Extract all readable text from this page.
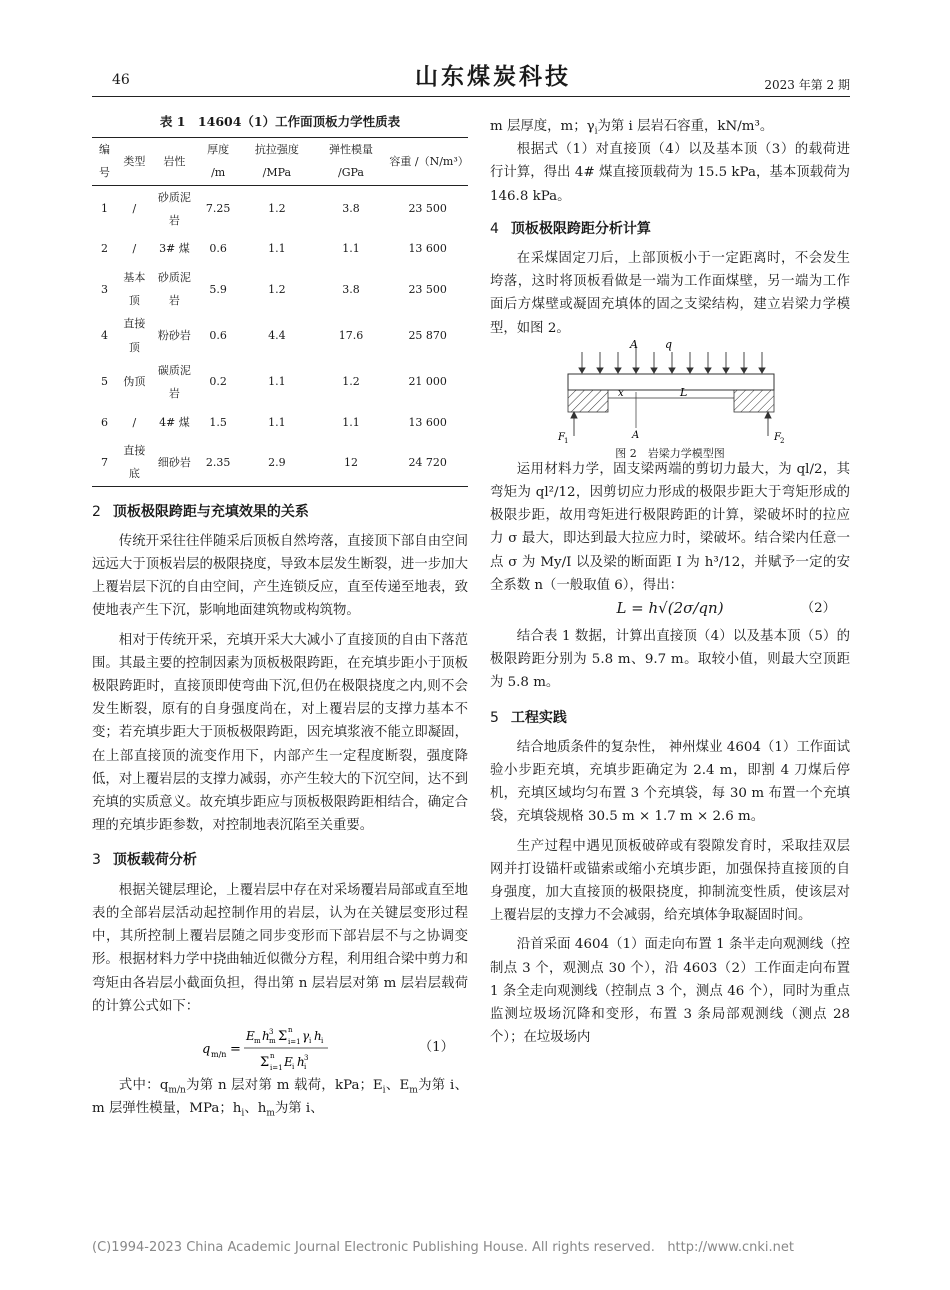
46	山东煤炭科技	2023 年第 2 期

表 1　14604（1）工作面顶板力学性质表

编号	类型	岩性	厚度 /m	抗拉强度 /MPa	弹性模量 /GPa	容重 /（N/m³）
1	/	砂质泥岩	7.25	1.2	3.8	23 500
2	/	3# 煤	0.6	1.1	1.1	13 600
3	基本顶	砂质泥岩	5.9	1.2	3.8	23 500
4	直接顶	粉砂岩	0.6	4.4	17.6	25 870
5	伪顶	碳质泥岩	0.2	1.1	1.2	21 000
6	/	4# 煤	1.5	1.1	1.1	13 600
7	直接底	细砂岩	2.35	2.9	12	24 720

2 顶板极限跨距与充填效果的关系

传统开采往往伴随采后顶板自然垮落，直接顶下部自由空间远远大于顶板岩层的极限挠度，导致本层发生断裂，进一步加大上覆岩层下沉的自由空间，产生连锁反应，直至传递至地表，致使地表产生下沉，影响地面建筑物或构筑物。

相对于传统开采，充填开采大大减小了直接顶的自由下落范围。其最主要的控制因素为顶板极限跨距，在充填步距小于顶板极限跨距时，直接顶即使弯曲下沉,但仍在极限挠度之内,则不会发生断裂，原有的自身强度尚在，对上覆岩层的支撑力基本不变；若充填步距大于顶板极限跨距，因充填浆液不能立即凝固，在上部直接顶的流变作用下，内部产生一定程度断裂，强度降低，对上覆岩层的支撑力减弱，亦产生较大的下沉空间，达不到充填的实质意义。故充填步距应与顶板极限跨距相结合，确定合理的充填步距参数，对控制地表沉陷至关重要。

3 顶板载荷分析

根据关键层理论，上覆岩层中存在对采场覆岩局部或直至地表的全部岩层活动起控制作用的岩层，认为在关键层变形过程中，其所控制上覆岩层随之同步变形而下部岩层不与之协调变形。根据材料力学中挠曲轴近似微分方程，利用组合梁中剪力和弯矩由各岩层小截面负担，得出第 n 层岩层对第 m 层岩层载荷的计算公式如下：

q m/n =
E m h 3
m Σ n
i=1 γ i h i
Σ n
i=1 E i h 3
i
（1）

式中：$q_{m/n}$为第 n 层对第 m 载荷，kPa；$E_i$、$E_m$为第 i、m 层弹性模量，MPa；$h_i$、$h_m$为第 i、

m 层厚度，m；$\gamma_i$为第 i 层岩石容重，kN/m³。

根据式（1）对直接顶（4）以及基本顶（3）的载荷进行计算，得出 4# 煤直接顶载荷为 15.5 kPa，基本顶载荷为 146.8 kPa。

4 顶板极限跨距分析计算

在采煤固定刀后，上部顶板小于一定距离时，不会发生垮落，这时将顶板看做是一端为工作面煤壁，另一端为工作面后方煤壁或凝固充填体的固之支梁结构，建立岩梁力学模型，如图 2。

A q
x	L
A
F 1	F 2

图 2　岩梁力学模型图

运用材料力学，固支梁两端的剪切力最大，为 ql/2，其弯矩为 ql²/12，因剪切应力形成的极限步距大于弯矩形成的极限步距，故用弯矩进行极限跨距的计算，梁破坏时的拉应力 σ 最大，即达到最大拉应力时，梁破坏。结合梁内任意一点 σ 为 My/I 以及梁的断面距 I 为 h³/12，并赋予一定的安全系数 n（一般取值 6），得出：

L = h√(2σ/qn)	（2）

结合表 1 数据，计算出直接顶（4）以及基本顶（5）的极限跨距分别为 5.8 m、9.7 m。取较小值，则最大空顶距为 5.8 m。

5 工程实践

结合地质条件的复杂性， 神州煤业 4604（1）工作面试验小步距充填，充填步距确定为 2.4 m，即割 4 刀煤后停机，充填区域均匀布置 3 个充填袋，每 30 m 布置一个充填袋，充填袋规格 30.5 m × 1.7 m × 2.6 m。

生产过程中遇见顶板破碎或有裂隙发育时，采取挂双层网并打设锚杆或锚索或缩小充填步距，加强保持直接顶的自身强度，加大直接顶的极限挠度，抑制流变性质，使该层对上覆岩层的支撑力不会减弱，给充填体争取凝固时间。

沿首采面 4604（1）面走向布置 1 条半走向观测线（控制点 3 个，观测点 30 个），沿 4603（2）工作面走向布置 1 条全走向观测线（控制点 3 个，测点 46 个），同时为重点监测垃圾场沉降和变形，布置 3 条局部观测线（测点 28 个）；在垃圾场内

(C)1994-2023 China Academic Journal Electronic Publishing House. All rights reserved. http://www.cnki.net
